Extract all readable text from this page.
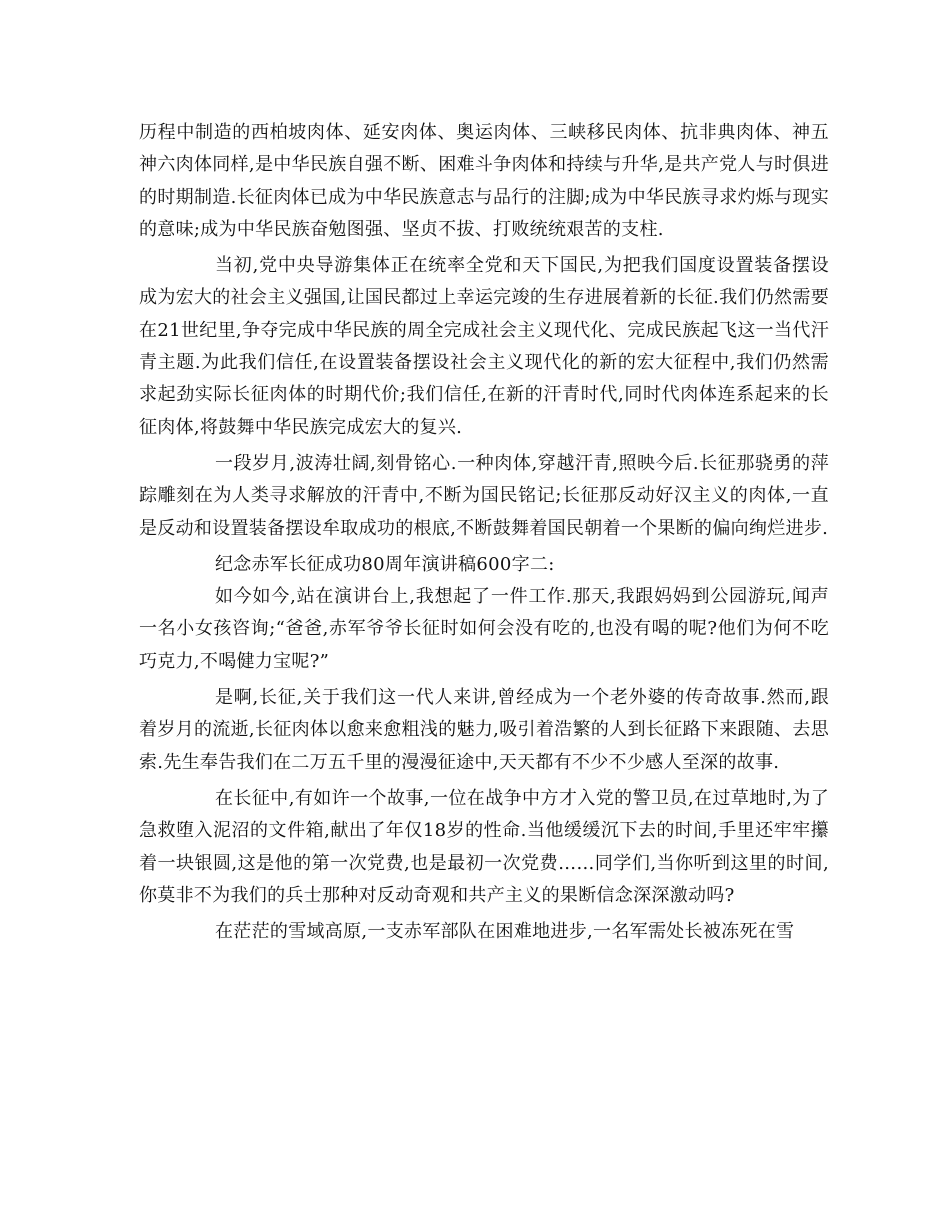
历程中制造的西柏坡肉体、延安肉体、奥运肉体、三峡移民肉体、抗非典肉体、神五神六肉体同样,是中华民族自强不断、困难斗争肉体和持续与升华,是共产党人与时俱进的时期制造.长征肉体已成为中华民族意志与品行的注脚;成为中华民族寻求灼烁与现实的意味;成为中华民族奋勉图强、坚贞不拔、打败统统艰苦的支柱.

当初,党中央导游集体正在统率全党和天下国民,为把我们国度设置装备摆设成为宏大的社会主义强国,让国民都过上幸运完竣的生存进展着新的长征.我们仍然需要在21世纪里,争夺完成中华民族的周全完成社会主义现代化、完成民族起飞这一当代汗青主题.为此我们信任,在设置装备摆设社会主义现代化的新的宏大征程中,我们仍然需求起劲实际长征肉体的时期代价;我们信任,在新的汗青时代,同时代肉体连系起来的长征肉体,将鼓舞中华民族完成宏大的复兴.

一段岁月,波涛壮阔,刻骨铭心.一种肉体,穿越汗青,照映今后.长征那骁勇的萍踪雕刻在为人类寻求解放的汗青中,不断为国民铭记;长征那反动好汉主义的肉体,一直是反动和设置装备摆设牟取成功的根底,不断鼓舞着国民朝着一个果断的偏向绚烂进步.

纪念赤军长征成功80周年演讲稿600字二:

如今如今,站在演讲台上,我想起了一件工作.那天,我跟妈妈到公园游玩,闻声一名小女孩咨询;“爸爸,赤军爷爷长征时如何会没有吃的,也没有喝的呢?他们为何不吃巧克力,不喝健力宝呢?”

是啊,长征,关于我们这一代人来讲,曾经成为一个老外婆的传奇故事.然而,跟着岁月的流逝,长征肉体以愈来愈粗浅的魅力,吸引着浩繁的人到长征路下来跟随、去思索.先生奉告我们在二万五千里的漫漫征途中,天天都有不少不少感人至深的故事.

在长征中,有如许一个故事,一位在战争中方才入党的警卫员,在过草地时,为了急救堕入泥沼的文件箱,献出了年仅18岁的性命.当他缓缓沉下去的时间,手里还牢牢攥着一块银圆,这是他的第一次党费,也是最初一次党费……同学们,当你听到这里的时间,你莫非不为我们的兵士那种对反动奇观和共产主义的果断信念深深激动吗?

在茫茫的雪域高原,一支赤军部队在困难地进步,一名军需处长被冻死在雪
